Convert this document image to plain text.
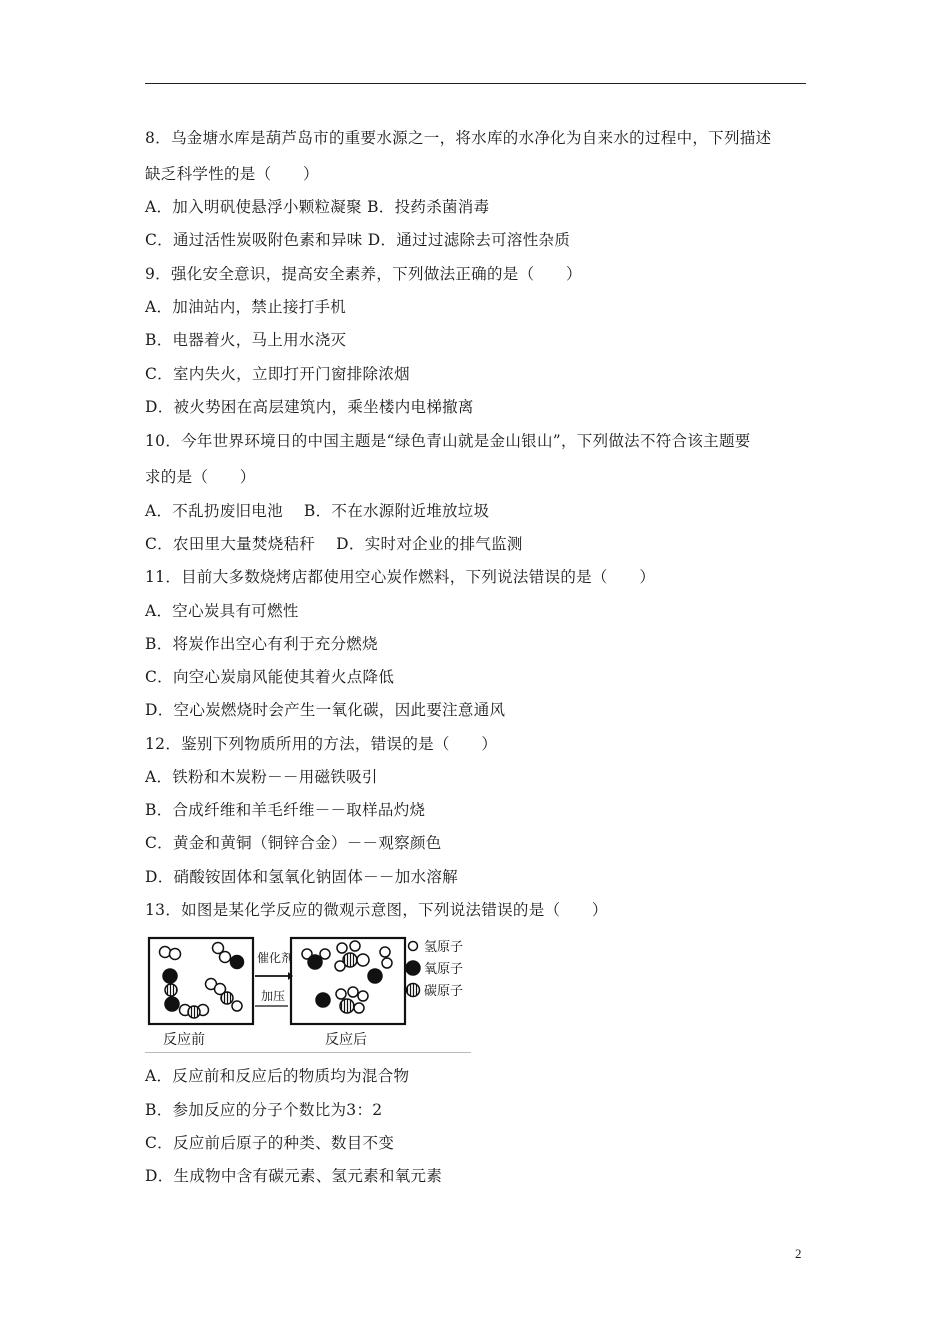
8．乌金塘水库是葫芦岛市的重要水源之一，将水库的水净化为自来水的过程中，下列描述
缺乏科学性的是（　　）
A．加入明矾使悬浮小颗粒凝聚 B．投药杀菌消毒
C．通过活性炭吸附色素和异味 D．通过过滤除去可溶性杂质
9．强化安全意识，提高安全素养，下列做法正确的是（　　）
A．加油站内，禁止接打手机
B．电器着火，马上用水浇灭
C．室内失火，立即打开门窗排除浓烟
D．被火势困在高层建筑内，乘坐楼内电梯撤离
10．今年世界环境日的中国主题是“绿色青山就是金山银山”，下列做法不符合该主题要
求的是（　　）
A．不乱扔废旧电池　 B．不在水源附近堆放垃圾
C．农田里大量焚烧秸秆　 D．实时对企业的排气监测
11．目前大多数烧烤店都使用空心炭作燃料，下列说法错误的是（　　）
A．空心炭具有可燃性
B．将炭作出空心有利于充分燃烧
C．向空心炭扇风能使其着火点降低
D．空心炭燃烧时会产生一氧化碳，因此要注意通风
12．鉴别下列物质所用的方法，错误的是（　　）
A．铁粉和木炭粉－－用磁铁吸引
B．合成纤维和羊毛纤维－－取样品灼烧
C．黄金和黄铜（铜锌合金）－－观察颜色
D．硝酸铵固体和氢氧化钠固体－－加水溶解
13．如图是某化学反应的微观示意图，下列说法错误的是（　　）
催化剂
加压
反应前	反应后
氢原子
氧原子
碳原子
A．反应前和反应后的物质均为混合物
B．参加反应的分子个数比为3：2
C．反应前后原子的种类、数目不变
D．生成物中含有碳元素、氢元素和氧元素
2
